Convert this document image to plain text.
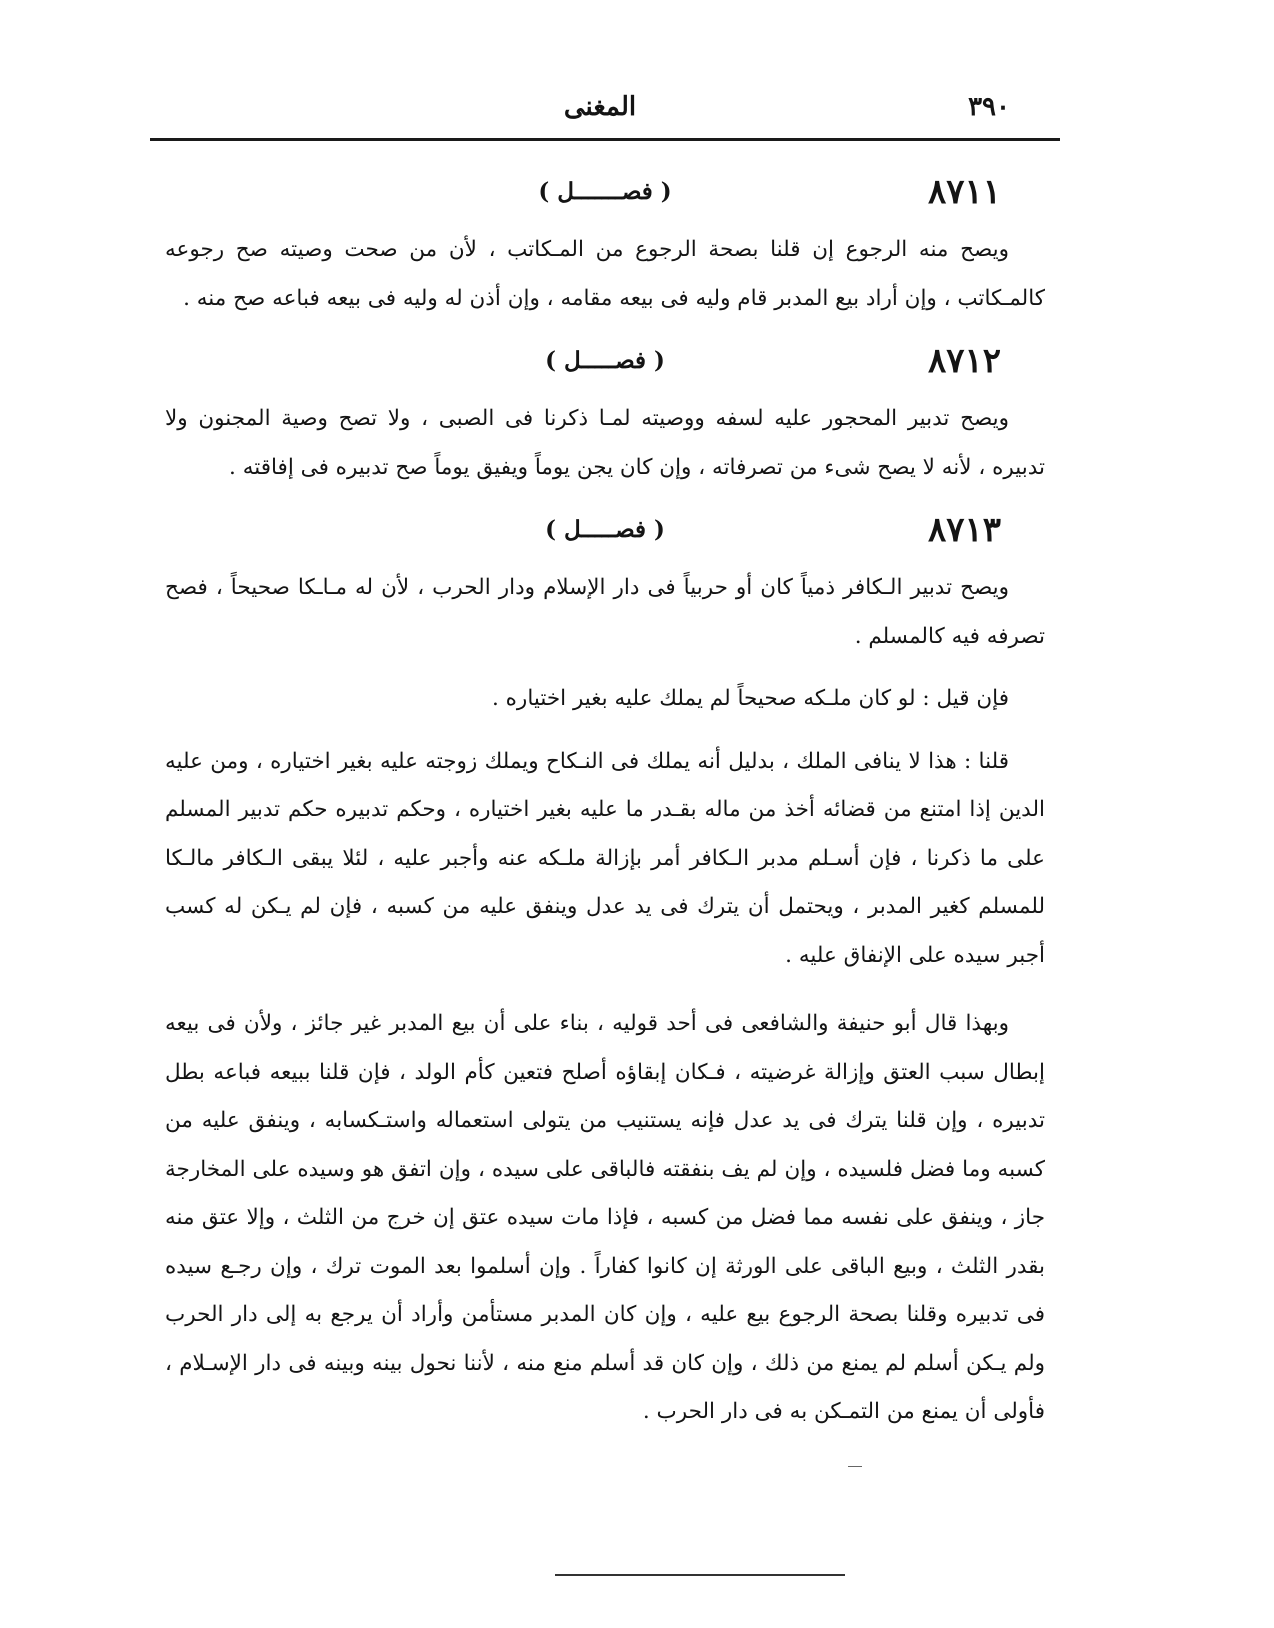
٣٩٠
المغنى
٨٧١١
( فصـــــــل )

ويصح منه الرجوع إن قلنا بصحة الرجوع من المـكاتب ، لأن من صحت وصيته صح رجوعه كالمـكاتب ، وإن أراد بيع المدبر قام وليه فى بيعه مقامه ، وإن أذن له وليه فى بيعه فباعه صح منه .

٨٧١٢
( فصـــــل )

ويصح تدبير المحجور عليه لسفه ووصيته لمـا ذكرنا فى الصبى ، ولا تصح وصية المجنون ولا تدبيره ، لأنه لا يصح شىء من تصرفاته ، وإن كان يجن يوماً ويفيق يوماً صح تدبيره فى إفاقته .

٨٧١٣
( فصـــــل )

ويصح تدبير الـكافر ذمياً كان أو حربياً فى دار الإسلام ودار الحرب ، لأن له مـاـكا صحيحاً ، فصح تصرفه فيه كالمسلم .

فإن قيل : لو كان ملـكه صحيحاً لم يملك عليه بغير اختياره .

قلنا : هذا لا ينافى الملك ، بدليل أنه يملك فى النـكاح ويملك زوجته عليه بغير اختياره ، ومن عليه الدين إذا امتنع من قضائه أخذ من ماله بقـدر ما عليه بغير اختياره ، وحكم تدبيره حكم تدبير المسلم على ما ذكرنا ، فإن أسـلم مدبر الـكافر أمر بإزالة ملـكه عنه وأجبر عليه ، لئلا يبقى الـكافر مالـكا للمسلم كغير المدبر ، ويحتمل أن يترك فى يد عدل وينفق عليه من كسبه ، فإن لم يـكن له كسب أجبر سيده على الإنفاق عليه .

وبهذا قال أبو حنيفة والشافعى فى أحد قوليه ، بناء على أن بيع المدبر غير جائز ، ولأن فى بيعه إبطال سبب العتق وإزالة غرضيته ، فـكان إبقاؤه أصلح فتعين كأم الولد ، فإن قلنا ببيعه فباعه بطل تدبيره ، وإن قلنا يترك فى يد عدل فإنه يستنيب من يتولى استعماله واستـكسابه ، وينفق عليه من كسبه وما فضل فلسيده ، وإن لم يف بنفقته فالباقى على سيده ، وإن اتفق هو وسيده على المخارجة جاز ، وينفق على نفسه مما فضل من كسبه ، فإذا مات سيده عتق إن خرج من الثلث ، وإلا عتق منه بقدر الثلث ، وبيع الباقى على الورثة إن كانوا كفاراً . وإن أسلموا بعد الموت ترك ، وإن رجـع سيده فى تدبيره وقلنا بصحة الرجوع بيع عليه ، وإن كان المدبر مستأمن وأراد أن يرجع به إلى دار الحرب ولم يـكن أسلم لم يمنع من ذلك ، وإن كان قد أسلم منع منه ، لأننا نحول بينه وبينه فى دار الإسـلام ، فأولى أن يمنع من التمـكن به فى دار الحرب .
